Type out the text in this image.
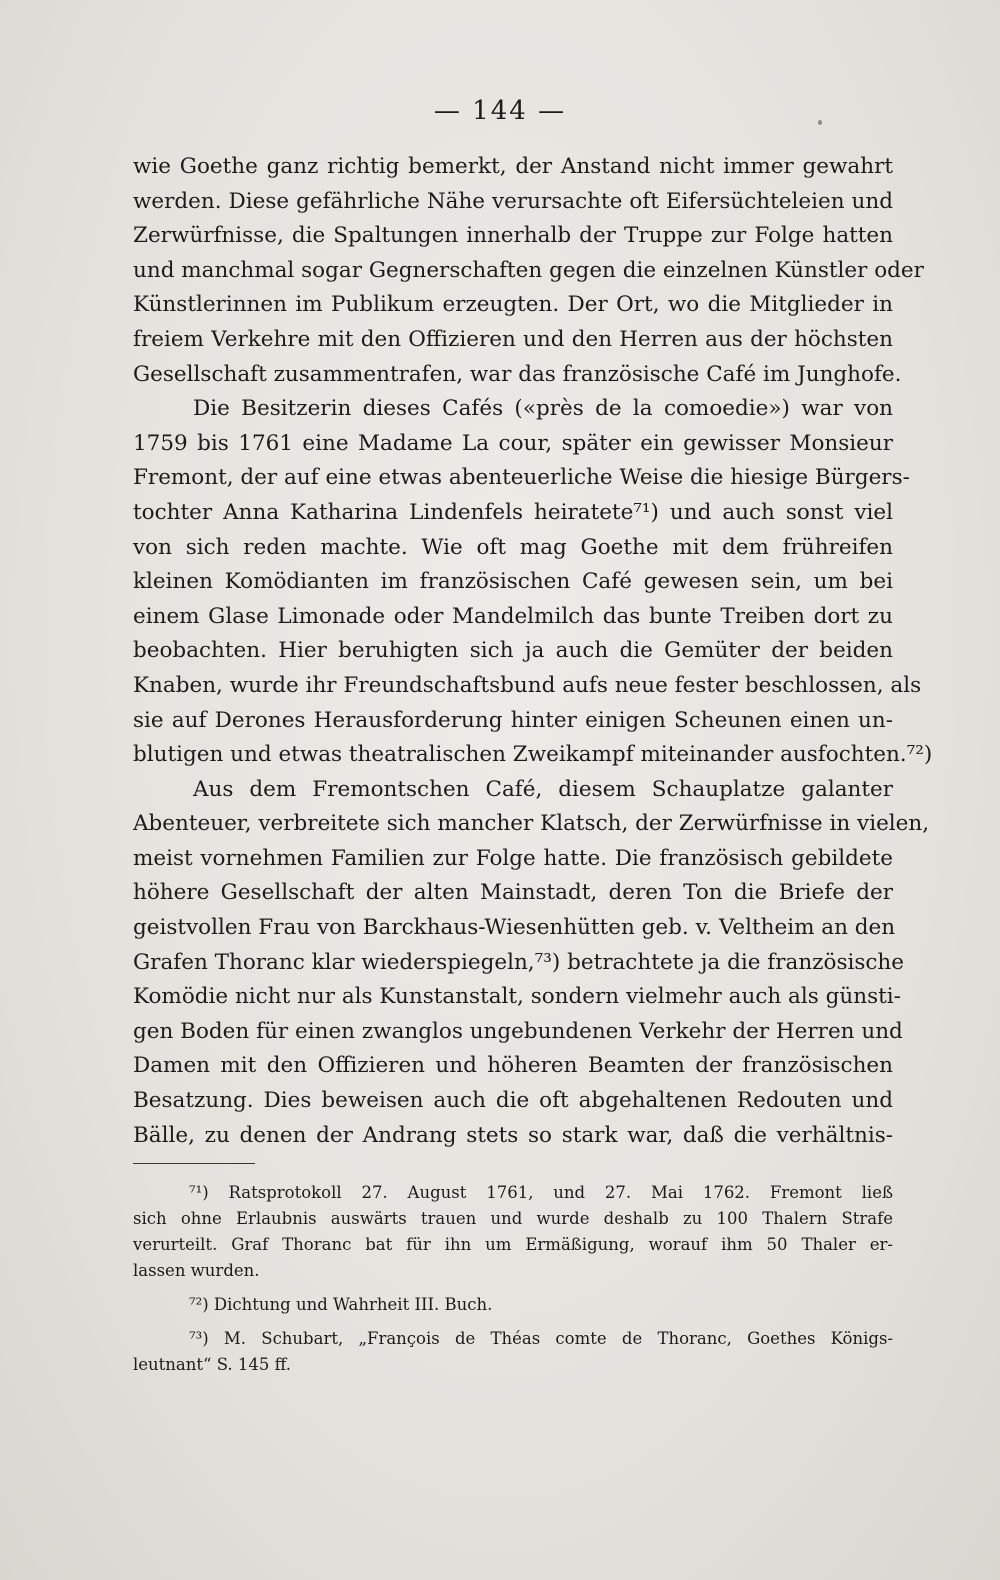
— 144 —
wie Goethe ganz richtig bemerkt, der Anstand nicht immer gewahrt
werden. Diese gefährliche Nähe verursachte oft Eifersüchteleien und
Zerwürfnisse, die Spaltungen innerhalb der Truppe zur Folge hatten
und manchmal sogar Gegnerschaften gegen die einzelnen Künstler oder
Künstlerinnen im Publikum erzeugten. Der Ort, wo die Mitglieder in
freiem Verkehre mit den Offizieren und den Herren aus der höchsten
Gesellschaft zusammentrafen, war das französische Café im Junghofe.
Die Besitzerin dieses Cafés («près de la comoedie») war von
1759 bis 1761 eine Madame La cour, später ein gewisser Monsieur
Fremont, der auf eine etwas abenteuerliche Weise die hiesige Bürgers-
tochter Anna Katharina Lindenfels heiratete⁷¹) und auch sonst viel
von sich reden machte. Wie oft mag Goethe mit dem frühreifen
kleinen Komödianten im französischen Café gewesen sein, um bei
einem Glase Limonade oder Mandelmilch das bunte Treiben dort zu
beobachten. Hier beruhigten sich ja auch die Gemüter der beiden
Knaben, wurde ihr Freundschaftsbund aufs neue fester beschlossen, als
sie auf Derones Herausforderung hinter einigen Scheunen einen un-
blutigen und etwas theatralischen Zweikampf miteinander ausfochten.⁷²)
Aus dem Fremontschen Café, diesem Schauplatze galanter
Abenteuer, verbreitete sich mancher Klatsch, der Zerwürfnisse in vielen,
meist vornehmen Familien zur Folge hatte. Die französisch gebildete
höhere Gesellschaft der alten Mainstadt, deren Ton die Briefe der
geistvollen Frau von Barckhaus-Wiesenhütten geb. v. Veltheim an den
Grafen Thoranc klar wiederspiegeln,⁷³) betrachtete ja die französische
Komödie nicht nur als Kunstanstalt, sondern vielmehr auch als günsti-
gen Boden für einen zwanglos ungebundenen Verkehr der Herren und
Damen mit den Offizieren und höheren Beamten der französischen
Besatzung. Dies beweisen auch die oft abgehaltenen Redouten und
Bälle, zu denen der Andrang stets so stark war, daß die verhältnis-
⁷¹) Ratsprotokoll 27. August 1761, und 27. Mai 1762. Fremont ließ
sich ohne Erlaubnis auswärts trauen und wurde deshalb zu 100 Thalern Strafe
verurteilt. Graf Thoranc bat für ihn um Ermäßigung, worauf ihm 50 Thaler er-
lassen wurden.
⁷²) Dichtung und Wahrheit III. Buch.
⁷³) M. Schubart, „François de Théas comte de Thoranc, Goethes Königs-
leutnant“ S. 145 ff.
